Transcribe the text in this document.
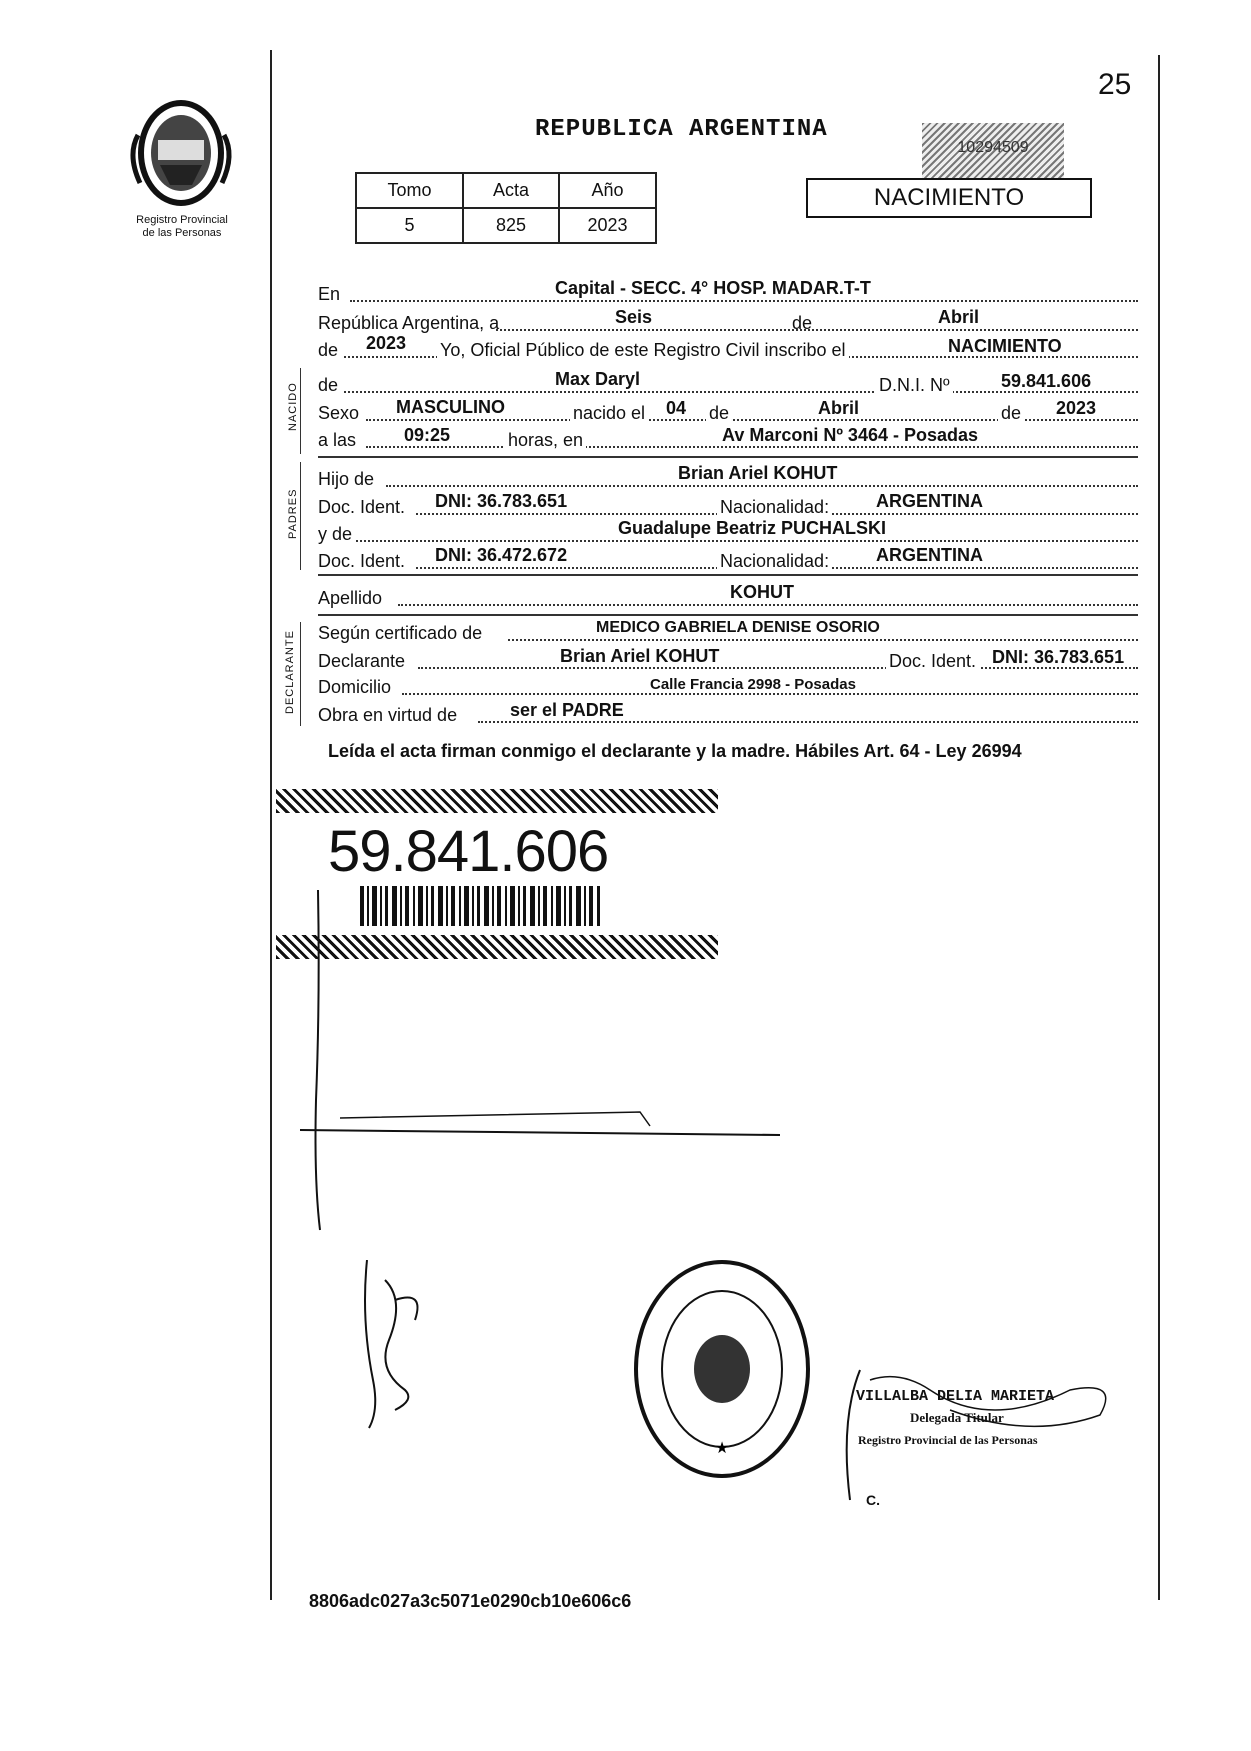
25
Registro Provincial
de las Personas
REPUBLICA ARGENTINA
10294509
NACIMIENTO
Tomo	Acta	Año
5	825	2023
En	Capital - SECC. 4° HOSP. MADAR.T-T
República Argentina, a	Seis	de	Abril
de 2023 Yo, Oficial Público de este Registro Civil inscribo el	NACIMIENTO
NACIDO de	Max Daryl	D.N.I. Nº	59.841.606
Sexo MASCULINO	nacido el 04 de	Abril	de 2023
a las	09:25	horas, en	Av Marconi Nº 3464 - Posadas
PADRES
Hijo de	Brian Ariel KOHUT
Doc. Ident. DNI: 36.783.651	Nacionalidad:	ARGENTINA
y de	Guadalupe Beatriz PUCHALSKI
Doc. Ident. DNI: 36.472.672	Nacionalidad:	ARGENTINA
Apellido	KOHUT
DECLARANTE Según certificado de	MEDICO GABRIELA DENISE OSORIO
Declarante	Brian Ariel KOHUT	Doc. Ident. DNI: 36.783.651
Domicilio	Calle Francia 2998 - Posadas
Obra en virtud de	ser el PADRE
Leída el acta firman conmigo el declarante y la madre. Hábiles Art. 64 - Ley 26994
59.841.606
★
VILLALBA DELIA MARIETA
Delegada Titular
Registro Provincial de las Personas
C.
8806adc027a3c5071e0290cb10e606c6
